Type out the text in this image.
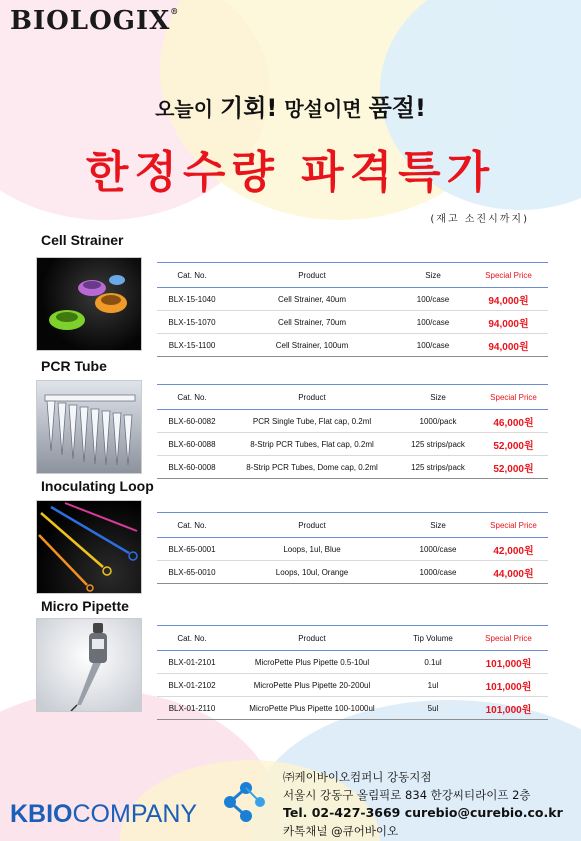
BIOLOGIX®
오늘이 기회! 망설이면 품절!
한정수량 파격특가
(재고 소진시까지)
Cell Strainer
Cat. No.	Product	Size	Special Price
BLX-15-1040	Cell Strainer, 40um	100/case	94,000원
BLX-15-1070	Cell Strainer, 70um	100/case	94,000원
BLX-15-1100	Cell Strainer, 100um	100/case	94,000원
PCR Tube
Cat. No.	Product	Size	Special Price
BLX-60-0082	PCR Single Tube, Flat cap, 0.2ml	1000/pack	46,000원
BLX-60-0088	8-Strip PCR Tubes, Flat cap, 0.2ml	125 strips/pack	52,000원
BLX-60-0008	8-Strip PCR Tubes, Dome cap, 0.2ml	125 strips/pack	52,000원
Inoculating Loop
Cat. No.	Product	Size	Special Price
BLX-65-0001	Loops, 1ul, Blue	1000/case	42,000원
BLX-65-0010	Loops, 10ul, Orange	1000/case	44,000원
Micro Pipette
Cat. No.	Product	Tip Volume	Special Price
BLX-01-2101	MicroPette Plus Pipette 0.5-10ul	0.1ul	101,000원
BLX-01-2102	MicroPette Plus Pipette 20-200ul	1ul	101,000원
BLX-01-2110	MicroPette Plus Pipette 100-1000ul	5ul	101,000원
KBIOCOMPANY
㈜케이바이오컴퍼니 강동지점
서울시 강동구 올림픽로 834 한강씨티라이프 2층
Tel. 02-427-3669 curebio@curebio.co.kr
카톡채널 @큐어바이오
